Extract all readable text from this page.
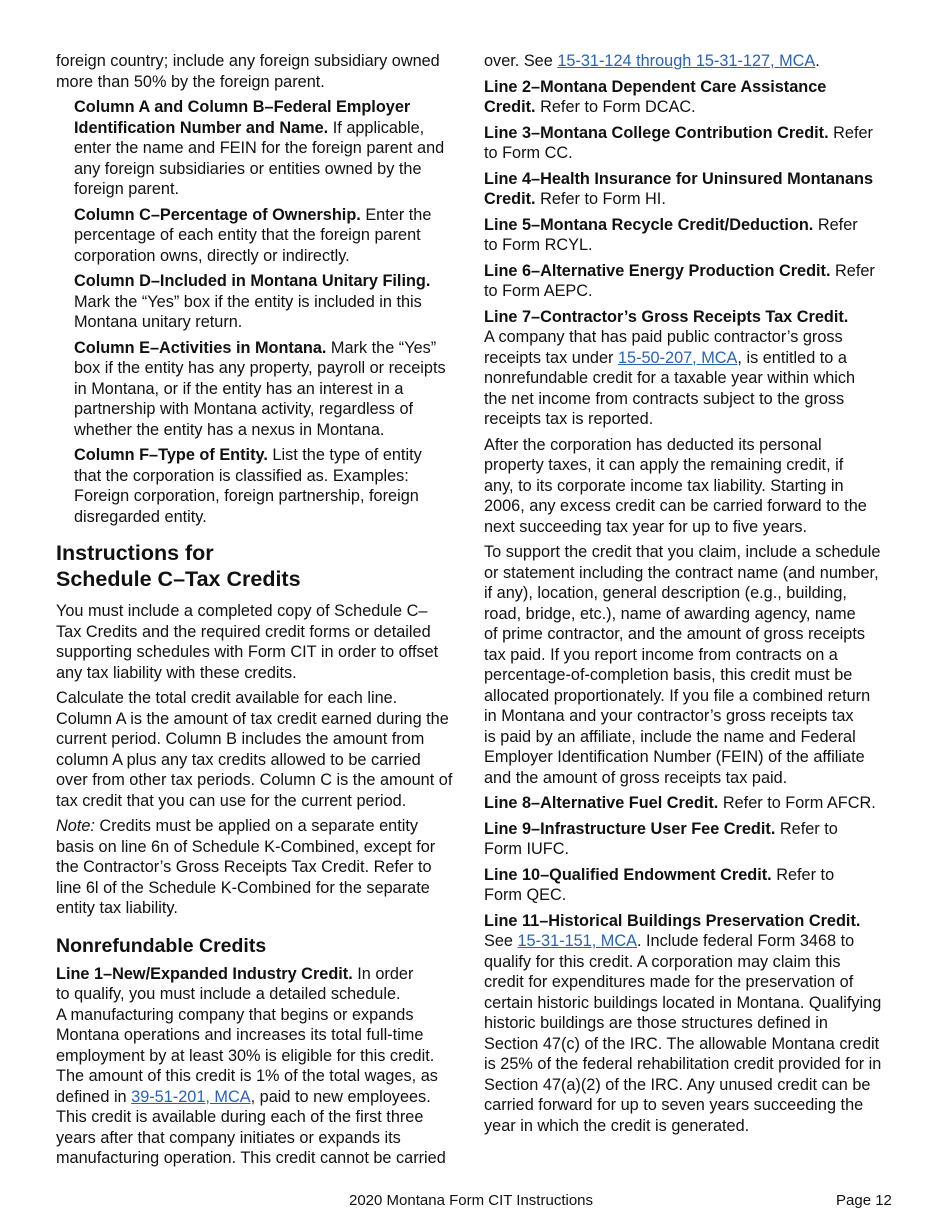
foreign country; include any foreign subsidiary owned
more than 50% by the foreign parent.
Column A and Column B–Federal Employer
Identification Number and Name. If applicable,
enter the name and FEIN for the foreign parent and
any foreign subsidiaries or entities owned by the
foreign parent.
Column C–Percentage of Ownership. Enter the
percentage of each entity that the foreign parent
corporation owns, directly or indirectly.
Column D–Included in Montana Unitary Filing.
Mark the “Yes” box if the entity is included in this
Montana unitary return.
Column E–Activities in Montana. Mark the “Yes”
box if the entity has any property, payroll or receipts
in Montana, or if the entity has an interest in a
partnership with Montana activity, regardless of
whether the entity has a nexus in Montana.
Column F–Type of Entity. List the type of entity
that the corporation is classified as. Examples:
Foreign corporation, foreign partnership, foreign
disregarded entity.
Instructions for
Schedule C–Tax Credits
You must include a completed copy of Schedule C–
Tax Credits and the required credit forms or detailed
supporting schedules with Form CIT in order to offset
any tax liability with these credits.
Calculate the total credit available for each line.
Column A is the amount of tax credit earned during the
current period. Column B includes the amount from
column A plus any tax credits allowed to be carried
over from other tax periods. Column C is the amount of
tax credit that you can use for the current period.
Note: Credits must be applied on a separate entity
basis on line 6n of Schedule K-Combined, except for
the Contractor’s Gross Receipts Tax Credit. Refer to
line 6l of the Schedule K-Combined for the separate
entity tax liability.
Nonrefundable Credits
Line 1–New/Expanded Industry Credit. In order
to qualify, you must include a detailed schedule.
A manufacturing company that begins or expands
Montana operations and increases its total full-time
employment by at least 30% is eligible for this credit.
The amount of this credit is 1% of the total wages, as
defined in 39-51-201, MCA, paid to new employees.
This credit is available during each of the first three
years after that company initiates or expands its
manufacturing operation. This credit cannot be carried
over. See 15-31-124 through 15-31-127, MCA.
Line 2–Montana Dependent Care Assistance
Credit. Refer to Form DCAC.
Line 3–Montana College Contribution Credit. Refer
to Form CC.
Line 4–Health Insurance for Uninsured Montanans
Credit. Refer to Form HI.
Line 5–Montana Recycle Credit/Deduction. Refer
to Form RCYL.
Line 6–Alternative Energy Production Credit. Refer
to Form AEPC.
Line 7–Contractor’s Gross Receipts Tax Credit.
A company that has paid public contractor’s gross
receipts tax under 15-50-207, MCA, is entitled to a
nonrefundable credit for a taxable year within which
the net income from contracts subject to the gross
receipts tax is reported.
After the corporation has deducted its personal
property taxes, it can apply the remaining credit, if
any, to its corporate income tax liability. Starting in
2006, any excess credit can be carried forward to the
next succeeding tax year for up to five years.
To support the credit that you claim, include a schedule
or statement including the contract name (and number,
if any), location, general description (e.g., building,
road, bridge, etc.), name of awarding agency, name
of prime contractor, and the amount of gross receipts
tax paid. If you report income from contracts on a
percentage-of-completion basis, this credit must be
allocated proportionately. If you file a combined return
in Montana and your contractor’s gross receipts tax
is paid by an affiliate, include the name and Federal
Employer Identification Number (FEIN) of the affiliate
and the amount of gross receipts tax paid.
Line 8–Alternative Fuel Credit. Refer to Form AFCR.
Line 9–Infrastructure User Fee Credit. Refer to
Form IUFC.
Line 10–Qualified Endowment Credit. Refer to
Form QEC.
Line 11–Historical Buildings Preservation Credit.
See 15-31-151, MCA. Include federal Form 3468 to
qualify for this credit. A corporation may claim this
credit for expenditures made for the preservation of
certain historic buildings located in Montana. Qualifying
historic buildings are those structures defined in
Section 47(c) of the IRC. The allowable Montana credit
is 25% of the federal rehabilitation credit provided for in
Section 47(a)(2) of the IRC. Any unused credit can be
carried forward for up to seven years succeeding the
year in which the credit is generated.
2020 Montana Form CIT Instructions	Page 12
